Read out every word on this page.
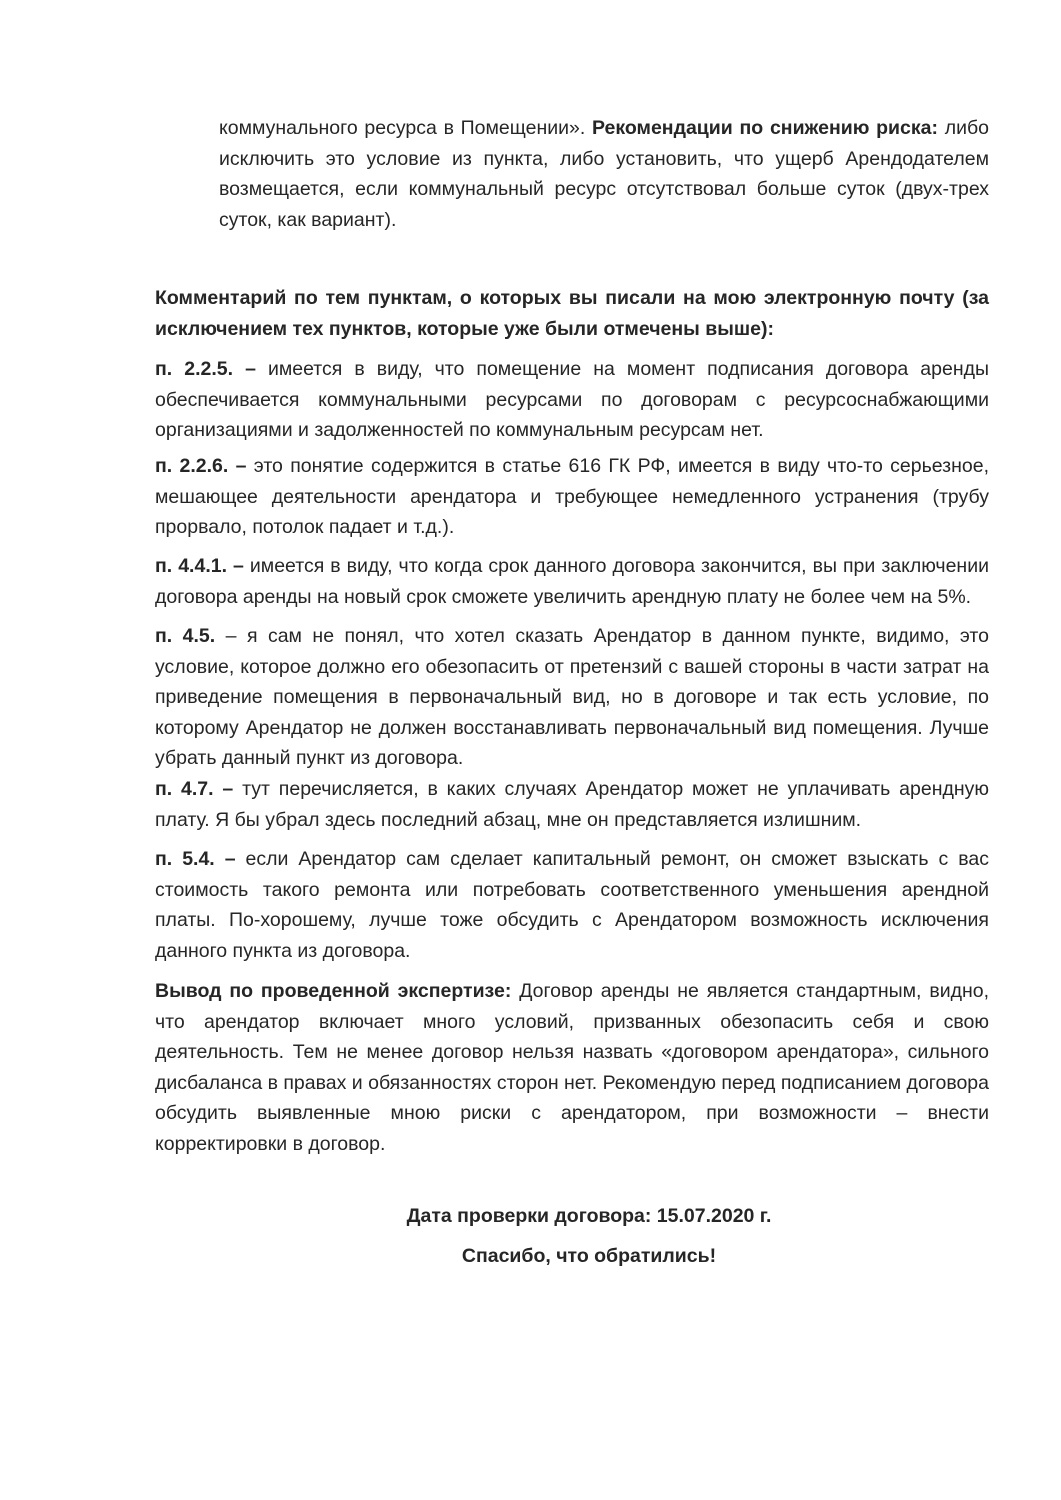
коммунального ресурса в Помещении». Рекомендации по снижению риска: либо исключить это условие из пункта, либо установить, что ущерб Арендодателем возмещается, если коммунальный ресурс отсутствовал больше суток (двух-трех суток, как вариант).

Комментарий по тем пунктам, о которых вы писали на мою электронную почту (за исключением тех пунктов, которые уже были отмечены выше):

п. 2.2.5. – имеется в виду, что помещение на момент подписания договора аренды обеспечивается коммунальными ресурсами по договорам с ресурсоснабжающими организациями и задолженностей по коммунальным ресурсам нет.

п. 2.2.6. – это понятие содержится в статье 616 ГК РФ, имеется в виду что-то серьезное, мешающее деятельности арендатора и требующее немедленного устранения (трубу прорвало, потолок падает и т.д.).

п. 4.4.1. – имеется в виду, что когда срок данного договора закончится, вы при заключении договора аренды на новый срок сможете увеличить арендную плату не более чем на 5%.

п. 4.5. – я сам не понял, что хотел сказать Арендатор в данном пункте, видимо, это условие, которое должно его обезопасить от претензий с вашей стороны в части затрат на приведение помещения в первоначальный вид, но в договоре и так есть условие, по которому Арендатор не должен восстанавливать первоначальный вид помещения. Лучше убрать данный пункт из договора.

п. 4.7. – тут перечисляется, в каких случаях Арендатор может не уплачивать арендную плату. Я бы убрал здесь последний абзац, мне он представляется излишним.

п. 5.4. – если Арендатор сам сделает капитальный ремонт, он сможет взыскать с вас стоимость такого ремонта или потребовать соответственного уменьшения арендной платы. По-хорошему, лучше тоже обсудить с Арендатором возможность исключения данного пункта из договора.

Вывод по проведенной экспертизе: Договор аренды не является стандартным, видно, что арендатор включает много условий, призванных обезопасить себя и свою деятельность. Тем не менее договор нельзя назвать «договором арендатора», сильного дисбаланса в правах и обязанностях сторон нет. Рекомендую перед подписанием договора обсудить выявленные мною риски с арендатором, при возможности – внести корректировки в договор.

Дата проверки договора: 15.07.2020 г.
Спасибо, что обратились!
